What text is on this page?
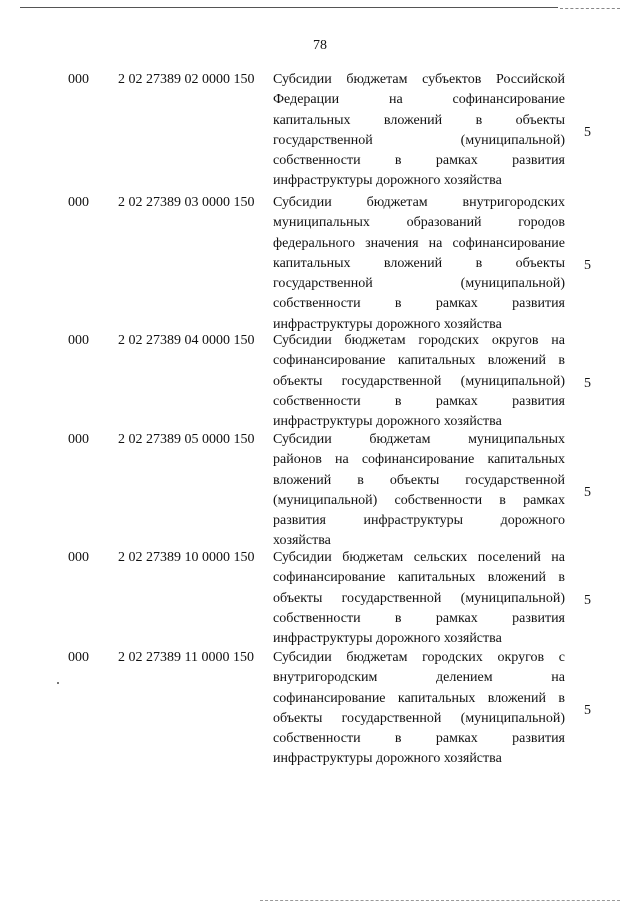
78
000 2 02 27389 02 0000 150 Субсидии бюджетам субъектов Российской
Федерации на софинансирование
капитальных вложений в объекты
государственной (муниципальной)
собственности в рамках развития
инфраструктуры дорожного хозяйства
5
000 2 02 27389 03 0000 150 Субсидии бюджетам внутригородских
муниципальных образований городов
федерального значения на софинансирование
капитальных вложений в объекты
государственной (муниципальной)
собственности в рамках развития
инфраструктуры дорожного хозяйства
5
000 2 02 27389 04 0000 150 Субсидии бюджетам городских округов на
софинансирование капитальных вложений в
объекты государственной (муниципальной)
собственности в рамках развития
инфраструктуры дорожного хозяйства
5
000 2 02 27389 05 0000 150 Субсидии бюджетам муниципальных
районов на софинансирование капитальных
вложений в объекты государственной
(муниципальной) собственности в рамках
развития инфраструктуры дорожного
хозяйства
5
000 2 02 27389 10 0000 150 Субсидии бюджетам сельских поселений на
софинансирование капитальных вложений в
объекты государственной (муниципальной)
собственности в рамках развития
инфраструктуры дорожного хозяйства
5
000 2 02 27389 11 0000 150 Субсидии бюджетам городских округов с
внутригородским делением на
софинансирование капитальных вложений в
объекты государственной (муниципальной)
собственности в рамках развития
инфраструктуры дорожного хозяйства
5
